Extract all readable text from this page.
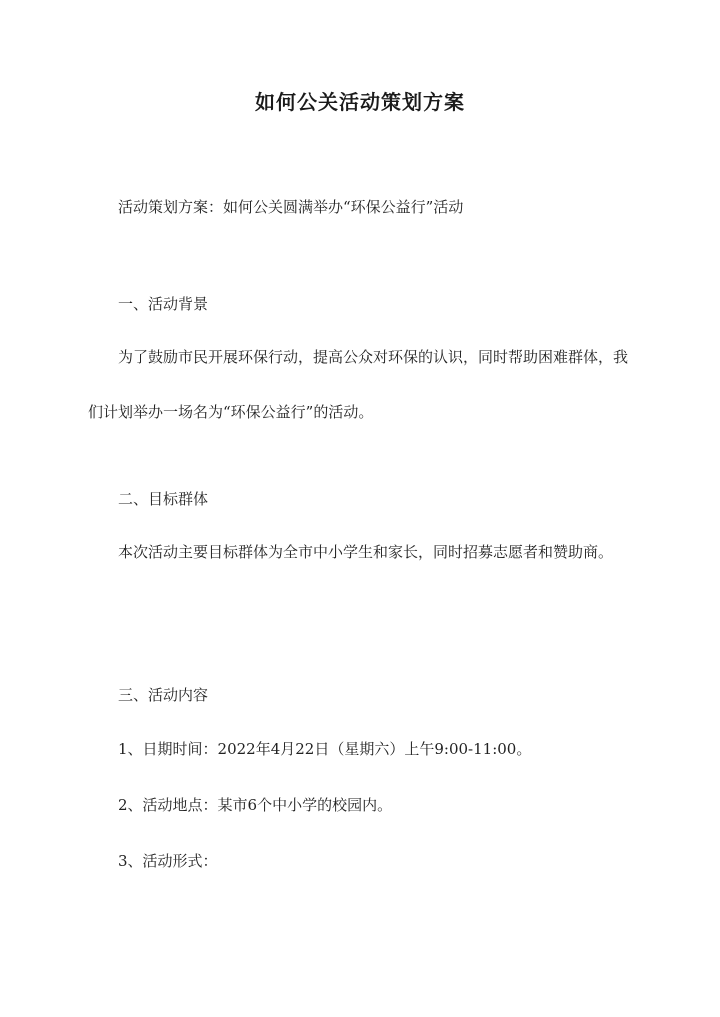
如何公关活动策划方案
活动策划方案：如何公关圆满举办“环保公益行”活动
一、活动背景
为了鼓励市民开展环保行动，提高公众对环保的认识，同时帮助困难群体，我们计划举办一场名为“环保公益行”的活动。
二、目标群体
本次活动主要目标群体为全市中小学生和家长，同时招募志愿者和赞助商。
三、活动内容
1、日期时间：2022年4月22日（星期六）上午9:00-11:00。
2、活动地点：某市6个中小学的校园内。
3、活动形式：
